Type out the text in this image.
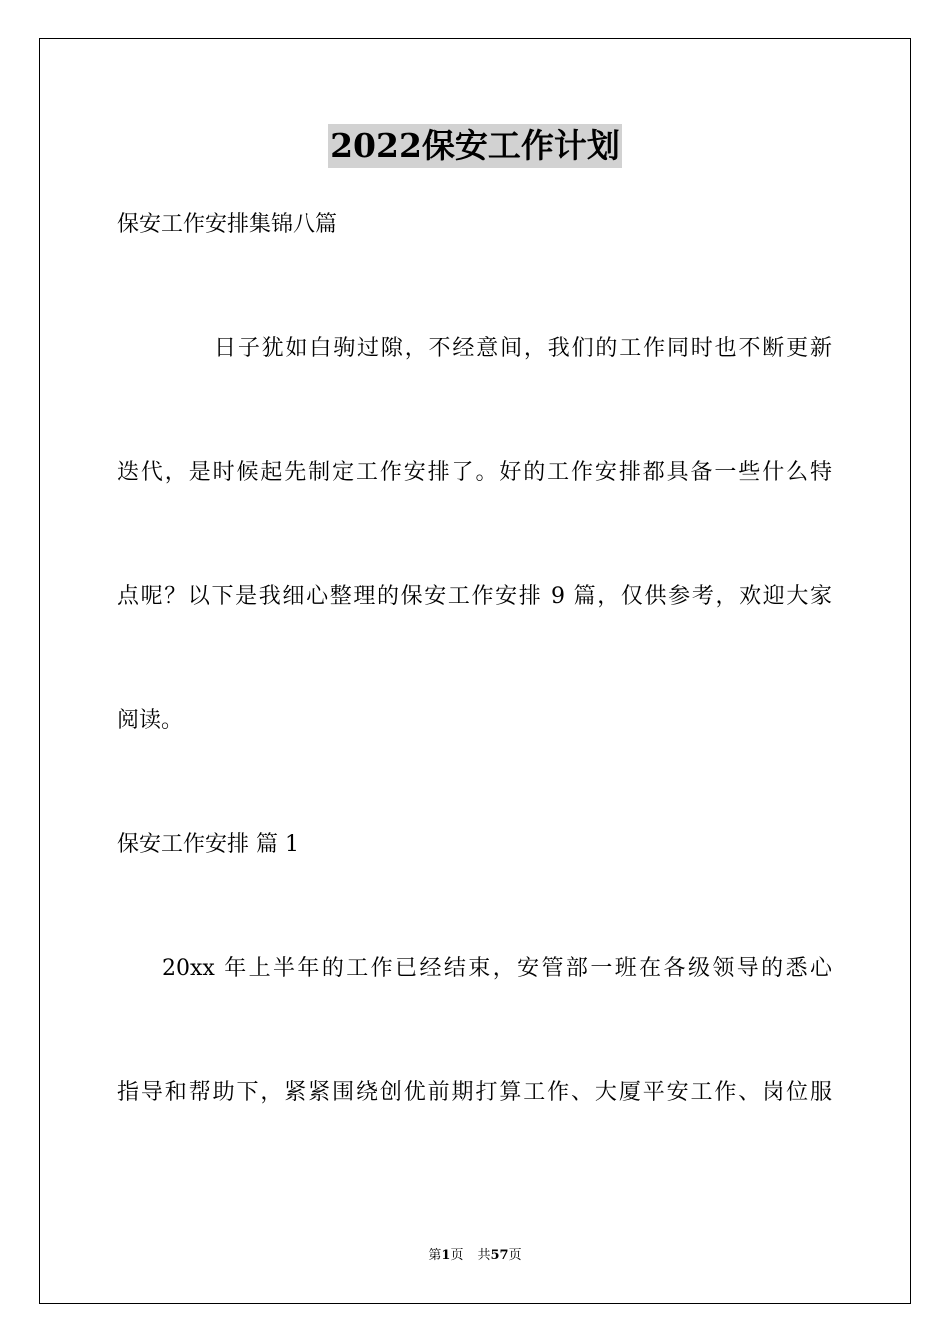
2022保安工作计划
保安工作安排集锦八篇
日子犹如白驹过隙，不经意间，我们的工作同时也不断更新
迭代，是时候起先制定工作安排了。好的工作安排都具备一些什么特
点呢？以下是我细心整理的保安工作安排 9 篇，仅供参考，欢迎大家
阅读。
保安工作安排 篇 1
20xx 年上半年的工作已经结束，安管部一班在各级领导的悉心
指导和帮助下，紧紧围绕创优前期打算工作、大厦平安工作、岗位服
第1页 共57页
